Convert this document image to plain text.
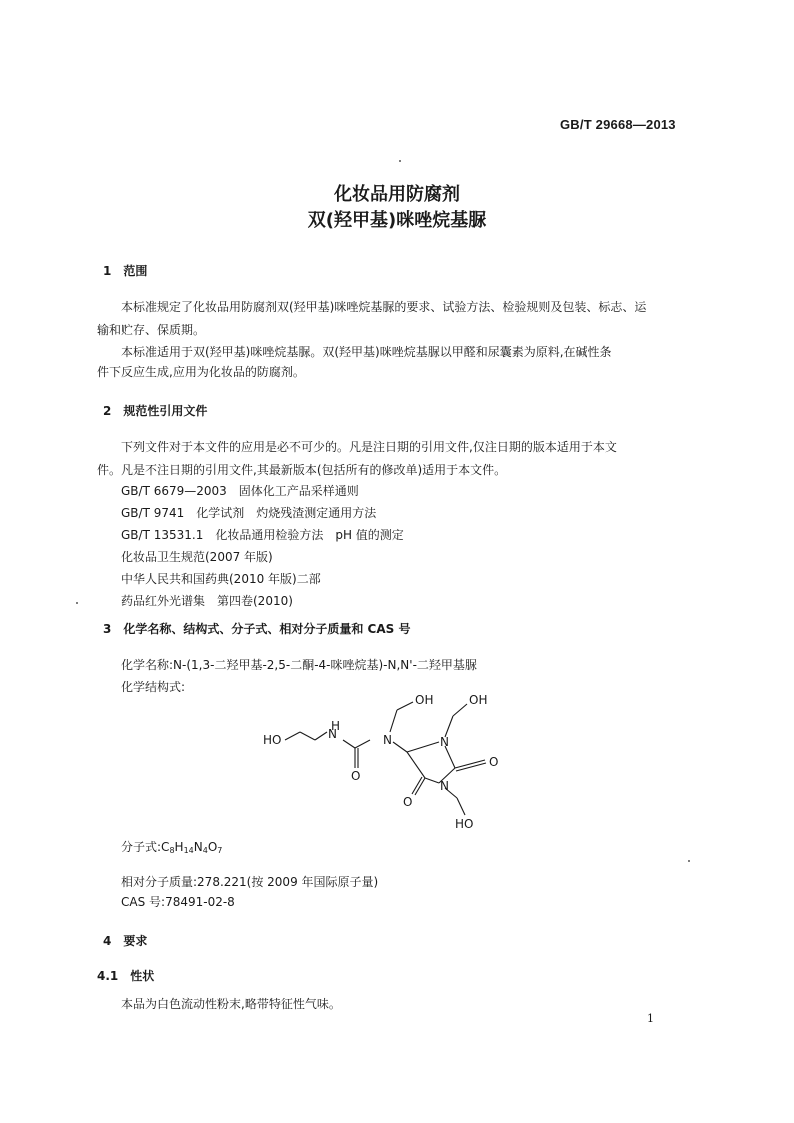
GB/T 29668—2013
化妆品用防腐剂
双(羟甲基)咪唑烷基脲
1　范围
本标准规定了化妆品用防腐剂双(羟甲基)咪唑烷基脲的要求、试验方法、检验规则及包装、标志、运
输和贮存、保质期。
本标准适用于双(羟甲基)咪唑烷基脲。双(羟甲基)咪唑烷基脲以甲醛和尿囊素为原料,在碱性条
件下反应生成,应用为化妆品的防腐剂。
2　规范性引用文件
下列文件对于本文件的应用是必不可少的。凡是注日期的引用文件,仅注日期的版本适用于本文
件。凡是不注日期的引用文件,其最新版本(包括所有的修改单)适用于本文件。
GB/T 6679—2003　固体化工产品采样通则
GB/T 9741　化学试剂　灼烧残渣测定通用方法
GB/T 13531.1　化妆品通用检验方法　pH 值的测定
化妆品卫生规范(2007 年版)
中华人民共和国药典(2010 年版)二部
药品红外光谱集　第四卷(2010)
3　化学名称、结构式、分子式、相对分子质量和 CAS 号
化学名称:N-(1,3-二羟甲基-2,5-二酮-4-咪唑烷基)-N,N'-二羟甲基脲
化学结构式:
HO	N
H
O
N
OH	OH
N
O
N
O
HO
分子式$:C_8H_{14}N_4O_7$
相对分子质量:278.221(按 2009 年国际原子量)
CAS 号:78491-02-8
4　要求
4.1　性状
本品为白色流动性粉末,略带特征性气味。
1
